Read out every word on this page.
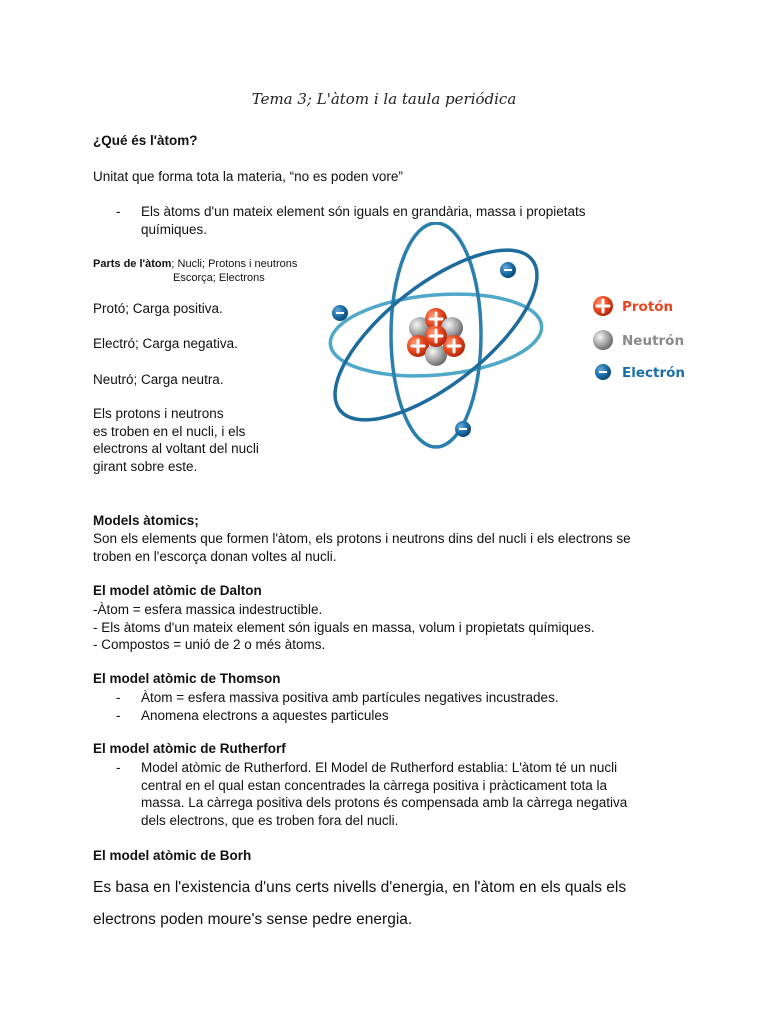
Tema 3; L'àtom i la taula periódica
¿Qué és l'àtom?
Unitat que forma tota la materia, “no es poden vore”
- Els àtoms d'un mateix element són iguals en grandària, massa i propietats
químiques.
Parts de l'àtom; Nucli; Protons i neutrons
Escorça; Electrons
Protó; Carga positiva.
Electró; Carga negativa.
Neutró; Carga neutra.
Els protons i neutrons
es troben en el nucli, i els
electrons al voltant del nucli
girant sobre este.
Protón
Neutrón
Electrón
Models àtomics;
Son els elements que formen l'àtom, els protons i neutrons dins del nucli i els electrons se
troben en l'escorça donan voltes al nucli.
El model atòmic de Dalton
-Àtom = esfera massica indestructible.
- Els àtoms d'un mateix element són iguals en massa, volum i propietats químiques.
- Compostos = unió de 2 o més àtoms.
El model atòmic de Thomson
- Àtom = esfera massiva positiva amb partícules negatives incustrades.
- Anomena electrons a aquestes particules
El model atòmic de Rutherforf
- Model atòmic de Rutherford. El Model de Rutherford establia: L'àtom té un nucli
central en el qual estan concentrades la càrrega positiva i pràcticament tota la
massa. La càrrega positiva dels protons és compensada amb la càrrega negativa
dels electrons, que es troben fora del nucli.
El model atòmic de Borh
Es basa en l'existencia d'uns certs nivells d'energia, en l'àtom en els quals els
electrons poden moure's sense pedre energia.
